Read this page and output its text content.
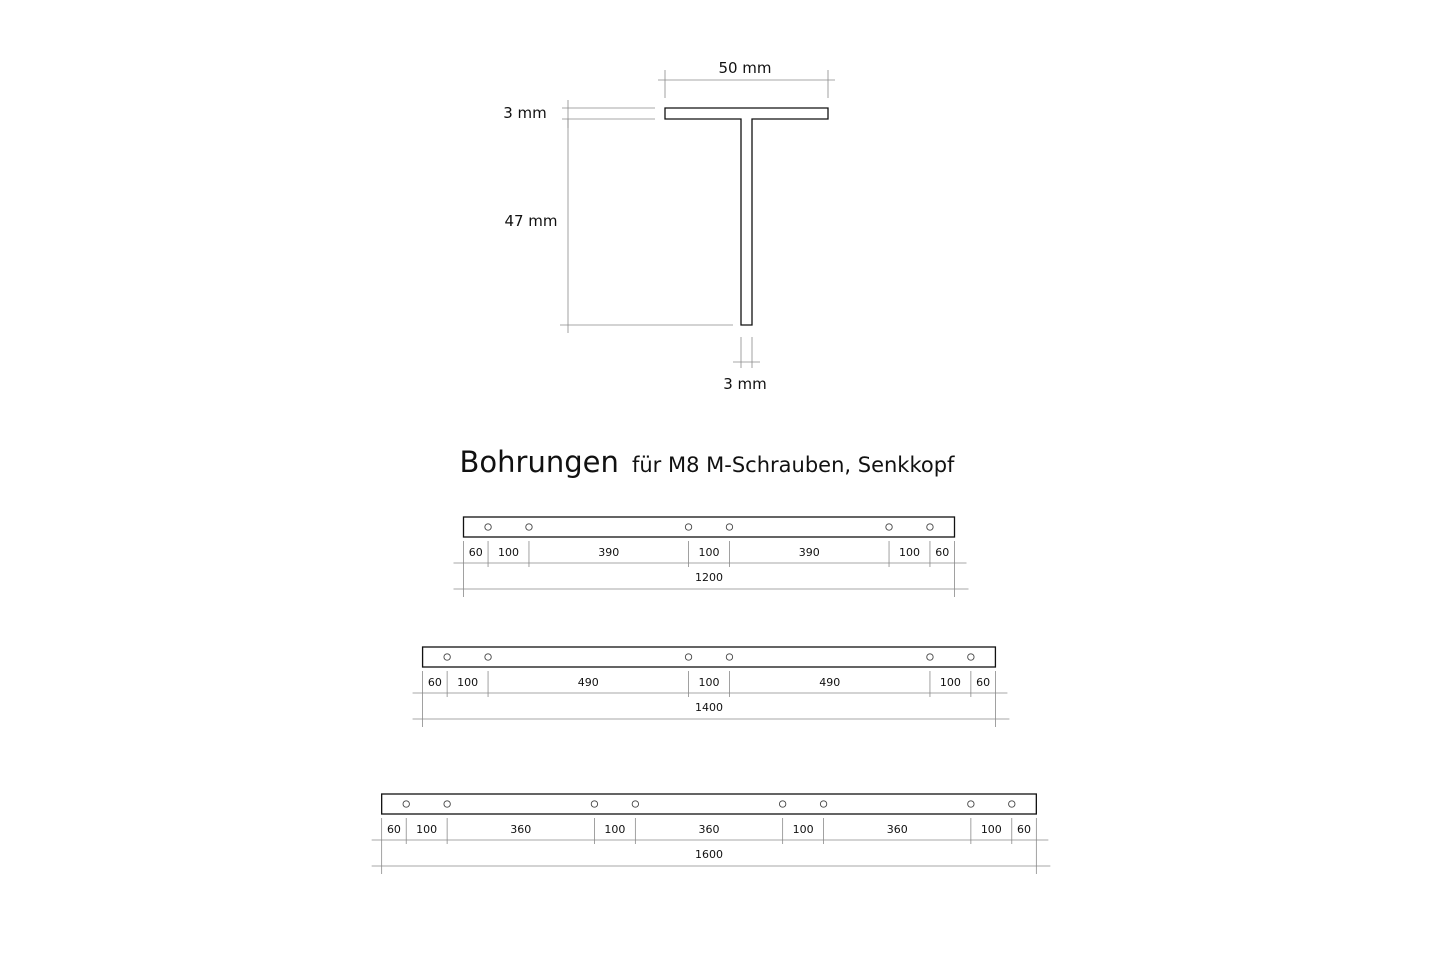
50 mm
3 mm
47 mm
3 mm
Bohrungen für M8 M-Schrauben, Senkkopf
60 100	390	100	390	100 60
1200
60 100	490	100	490	100 60
1400
60 100	360	100	360	100	360	100 60
1600
